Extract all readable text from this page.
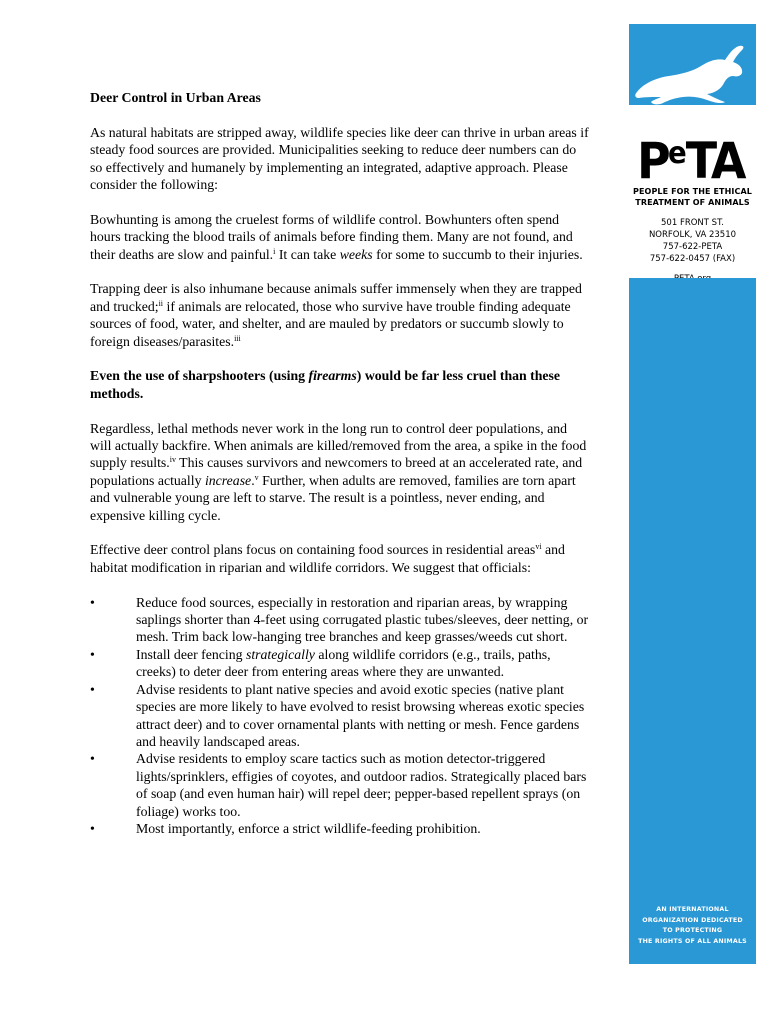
$P^eTA$
PEOPLE FOR THE ETHICAL
TREATMENT OF ANIMALS
501 FRONT ST.
NORFOLK, VA 23510
757-622-PETA
757-622-0457 (FAX)
AN INTERNATIONAL
ORGANIZATION DEDICATED
TO PROTECTING
THE RIGHTS OF ALL ANIMALS
Deer Control in Urban Areas

As natural habitats are stripped away, wildlife species like deer can thrive in urban areas if steady food sources are provided. Municipalities seeking to reduce deer numbers can do so effectively and humanely by implementing an integrated, adaptive approach. Please consider the following:

Bowhunting is among the cruelest forms of wildlife control. Bowhunters often spend hours tracking the blood trails of animals before finding them. Many are not found, and their deaths are slow and painful.$^i$ It can take weeks for some to succumb to their injuries.

Trapping deer is also inhumane because animals suffer immensely when they are trapped and trucked;$^{ii}$ if animals are relocated, those who survive have trouble finding adequate sources of food, water, and shelter, and are mauled by predators or succumb slowly to foreign diseases/parasites.$^{iii}$

Even the use of sharpshooters (using firearms) would be far less cruel than these methods.

Regardless, lethal methods never work in the long run to control deer populations, and will actually backfire. When animals are killed/removed from the area, a spike in the food supply results.$^{iv}$ This causes survivors and newcomers to breed at an accelerated rate, and populations actually increase.$^v$ Further, when adults are removed, families are torn apart and vulnerable young are left to starve. The result is a pointless, never ending, and expensive killing cycle.

Effective deer control plans focus on containing food sources in residential areas$^{vi}$ and habitat modification in riparian and wildlife corridors. We suggest that officials:

•	Reduce food sources, especially in restoration and riparian areas, by wrapping saplings shorter than 4-feet using corrugated plastic tubes/sleeves, deer netting, or mesh. Trim back low-hanging tree branches and keep grasses/weeds cut short.
•	Install deer fencing strategically along wildlife corridors (e.g., trails, paths, creeks) to deter deer from entering areas where they are unwanted.
•	Advise residents to plant native species and avoid exotic species (native plant species are more likely to have evolved to resist browsing whereas exotic species attract deer) and to cover ornamental plants with netting or mesh. Fence gardens and heavily landscaped areas.
•	Advise residents to employ scare tactics such as motion detector-triggered lights/sprinklers, effigies of coyotes, and outdoor radios. Strategically placed bars of soap (and even human hair) will repel deer; pepper-based repellent sprays (on foliage) works too.
•	Most importantly, enforce a strict wildlife-feeding prohibition.
